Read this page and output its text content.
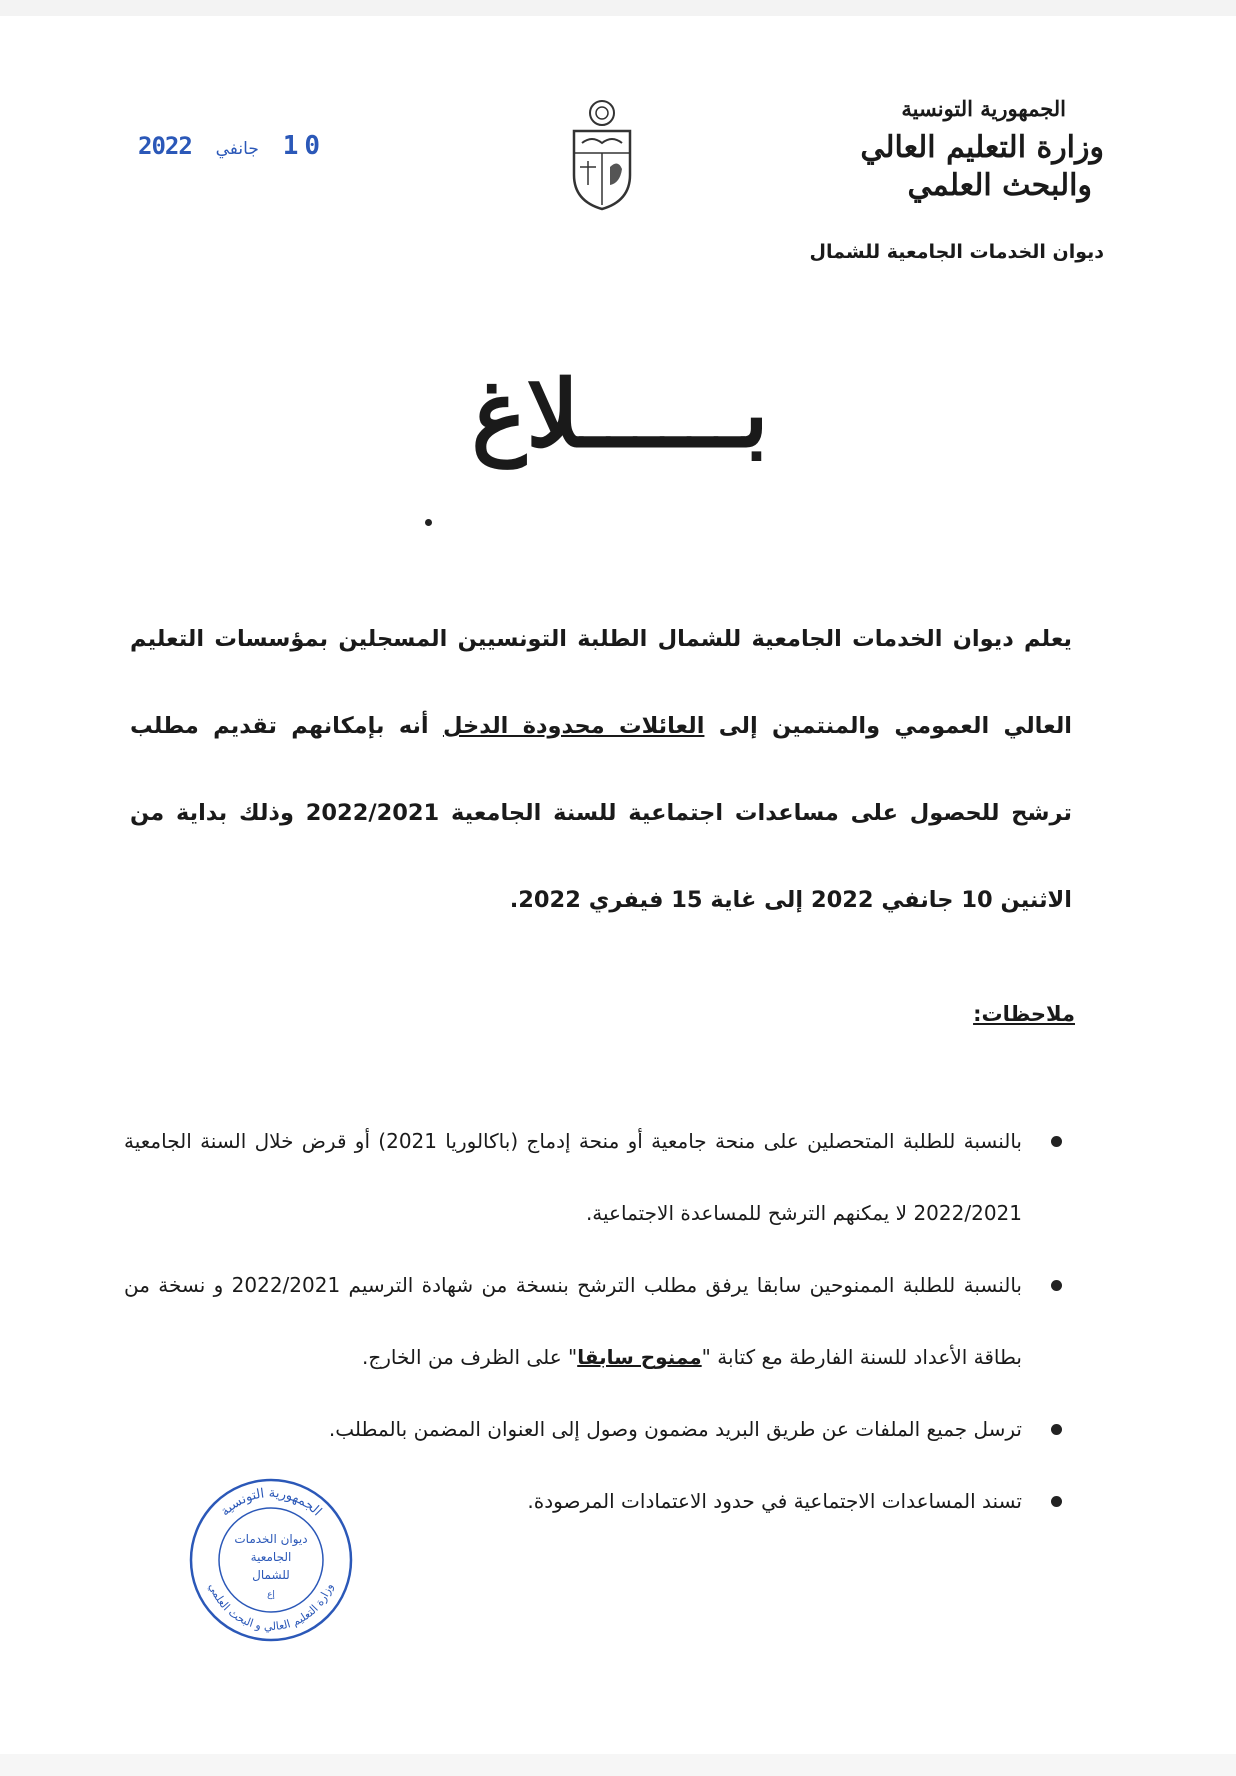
الجمهورية التونسية
وزارة التعليم العالي
والبحث العلمي
ديوان الخدمات الجامعية للشمال
2022 جانفي 10
بــــــلاغ
يعلم ديوان الخدمات الجامعية للشمال الطلبة التونسيين المسجلين بمؤسسات التعليم العالي العمومي والمنتمين إلى العائلات محدودة الدخل أنه بإمكانهم تقديم مطلب ترشح للحصول على مساعدات اجتماعية للسنة الجامعية 2022/2021 وذلك بداية من الاثنين 10 جانفي 2022 إلى غاية 15 فيفري 2022.
ملاحظات:
بالنسبة للطلبة المتحصلين على منحة جامعية أو منحة إدماج (باكالوريا 2021) أو قرض خلال السنة الجامعية 2022/2021 لا يمكنهم الترشح للمساعدة الاجتماعية.
بالنسبة للطلبة الممنوحين سابقا يرفق مطلب الترشح بنسخة من شهادة الترسيم 2022/2021 و نسخة من بطاقة الأعداد للسنة الفارطة مع كتابة "ممنوح سابقا" على الظرف من الخارج.
ترسل جميع الملفات عن طريق البريد مضمون وصول إلى العنوان المضمن بالمطلب.
تسند المساعدات الاجتماعية في حدود الاعتمادات المرصودة.
الجمهورية التونسية
وزارة التعليم العالي و البحث العلمي
ديوان الخدمات
الجامعية
للشمال
إع
